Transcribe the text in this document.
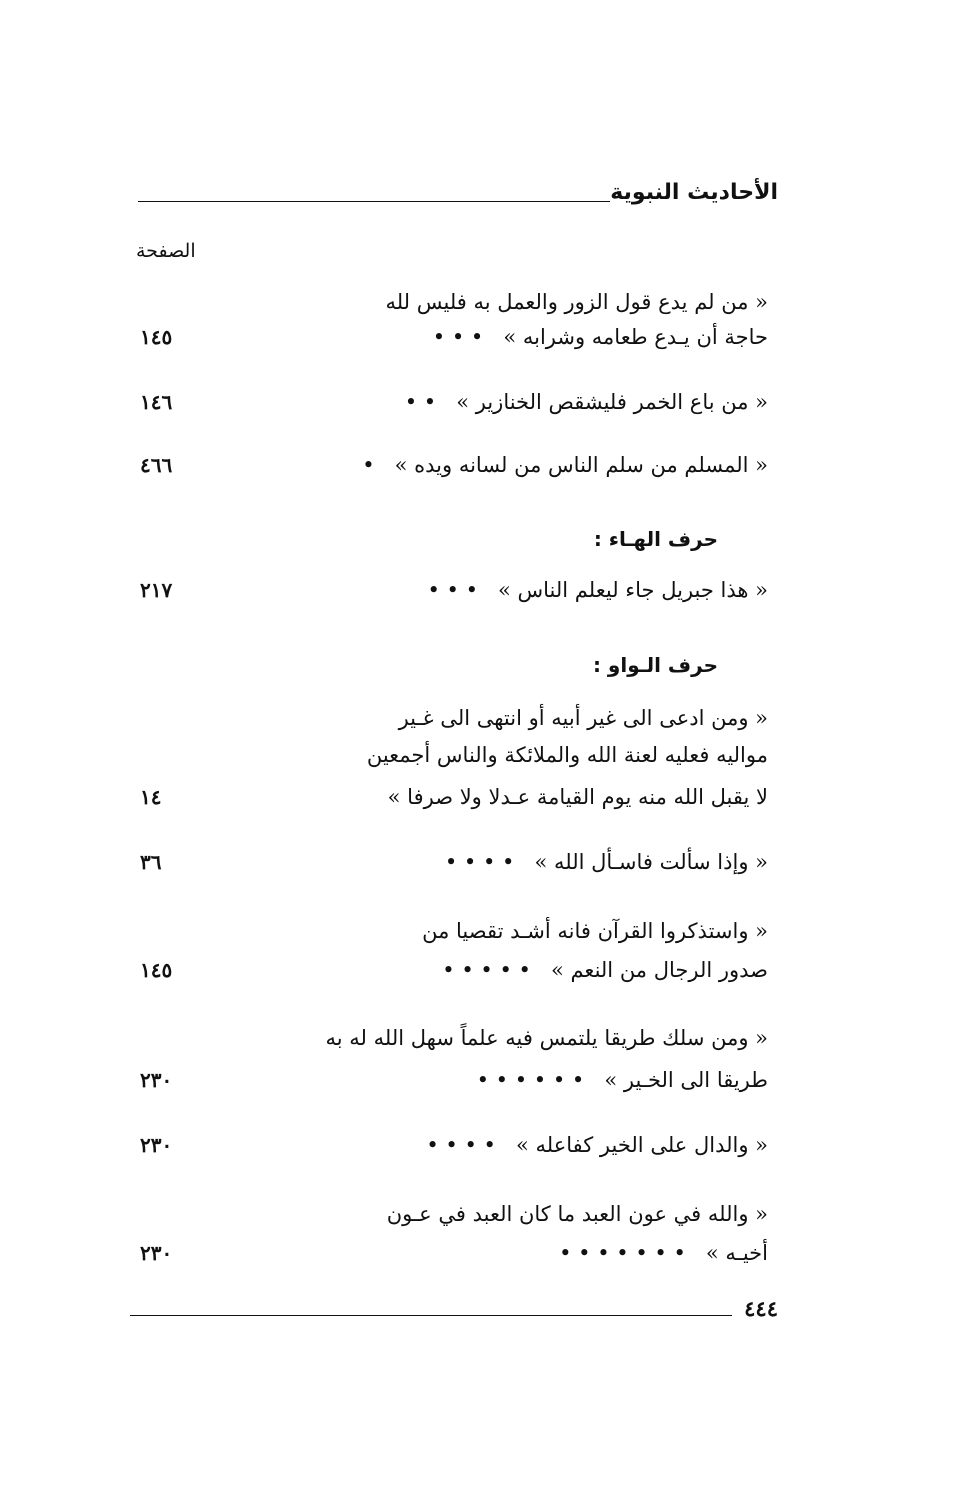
الأحاديث النبوية
الصفحة
« من لم يدع قول الزور والعمل به فليس لله
حاجة أن يـدع طعامه وشرابه »   • • •
١٤٥
« من باع الخمر فليشقص الخنازير »   • •
١٤٦
« المسلم من سلم الناس من لسانه ويده »   •
٤٦٦
حرف الهـاء :
« هذا جبريل جاء ليعلم الناس »   • • •
٢١٧
حرف الـواو :
« ومن ادعى الى غير أبيه أو انتهى الى غـير
مواليه فعليه لعنة الله والملائكة والناس أجمعين
لا يقبل الله منه يوم القيامة عـدلا ولا صرفا »
١٤
« وإذا سألت فاسـأل الله »   • • • •
٣٦
« واستذكروا القرآن فانه أشـد تقصيا من
صدور الرجال من النعم »   • • • • •
١٤٥
« ومن سلك طريقا يلتمس فيه علماً سهل الله له به
طريقا الى الخـير »   • • • • • •
٢٣٠
« والدال على الخير كفاعله »   • • • •
٢٣٠
« والله في عون العبد ما كان العبد في عـون
أخيـه »   • • • • • • •
٢٣٠
٤٤٤
